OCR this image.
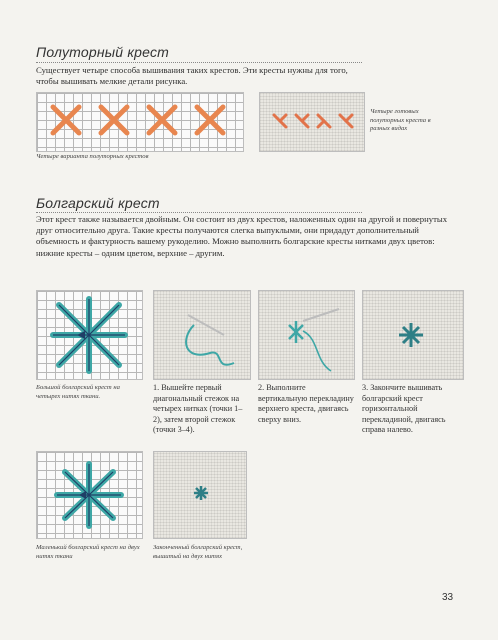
Полуторный крест
Существует четыре способа вышивания таких крестов. Эти кресты нужны для того, чтобы вышивать мелкие детали рисунка.
Четыре варианта полуторных крестов
Четыре готовых полуторных креста в разных видах
Болгарский крест
Этот крест также называется двойным. Он состоит из двух крестов, наложенных один на другой и повернутых друг относительно друга. Такие кресты получаются слегка выпуклыми, они придадут дополнительный объемность и фактурность вашему рукоделию. Можно выполнить болгарские кресты нитками двух цветов: нижние кресты – одним цветом, верхние – другим.
Большой болгарский крест на четырех нитях ткани.
1. Вышейте первый диагональный стежок на четырех нитках (точки 1–2), затем второй стежок (точки 3–4).
2. Выполните вертикальную перекладину верхнего креста, двигаясь сверху вниз.
3. Закончите вышивать болгарский крест горизонтальной перекладиной, двигаясь справа налево.
Маленький болгарский крест на двух нитях ткани
Законченный болгарский крест, вышитый на двух нитях
33
